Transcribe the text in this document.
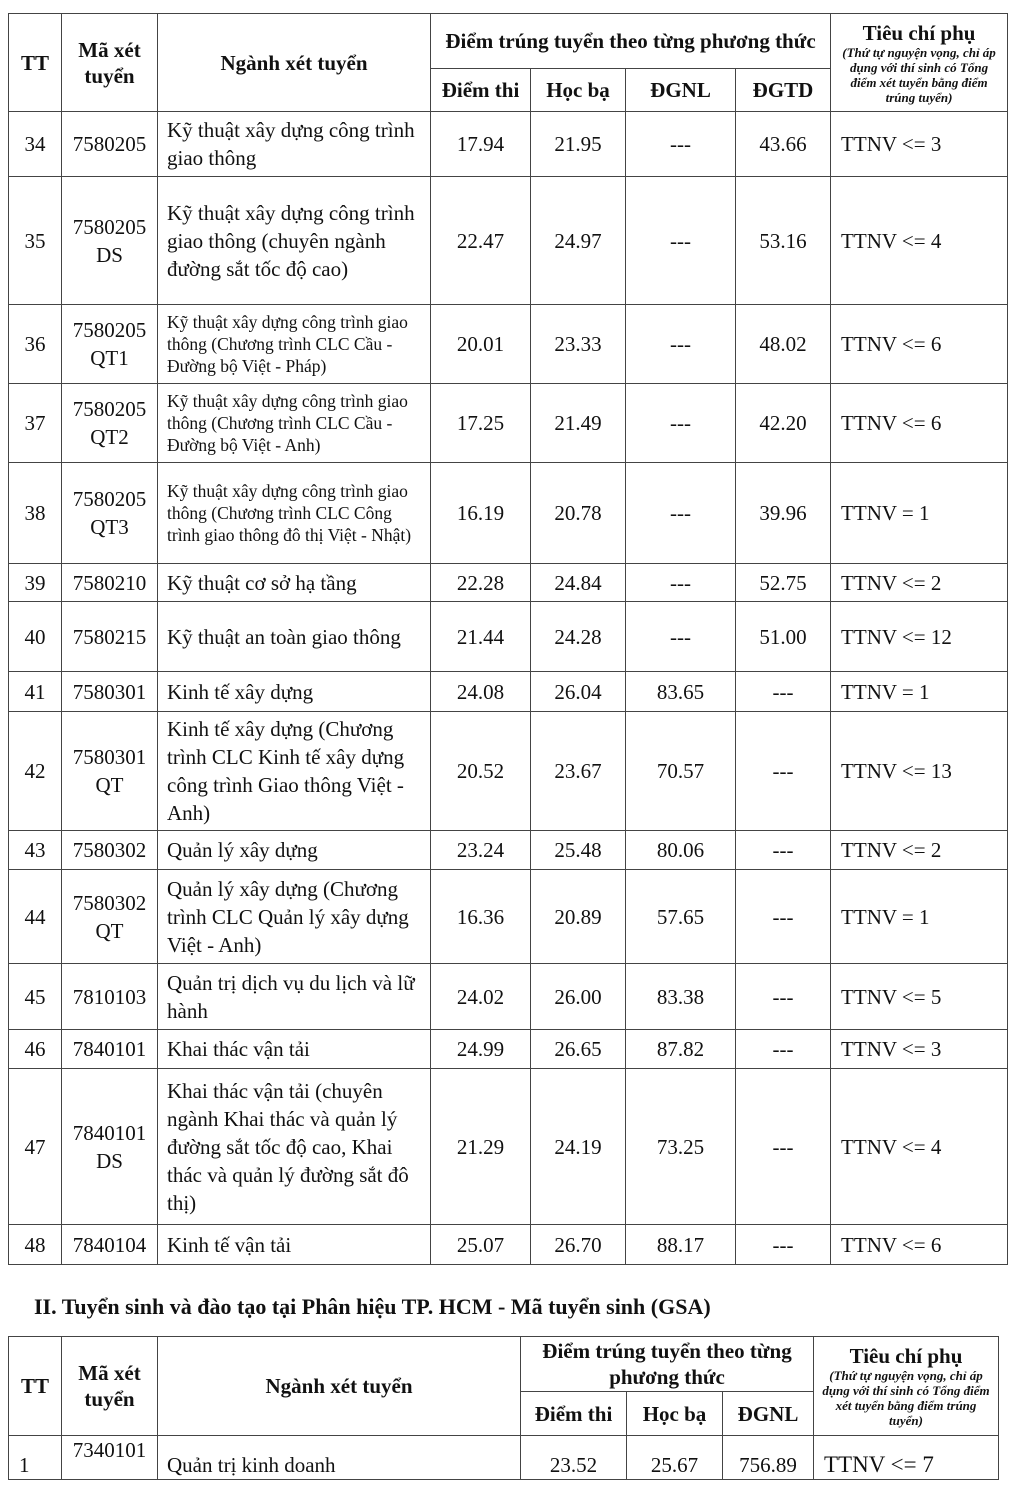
TT	Mã xét tuyển	Ngành xét tuyển	Điểm trúng tuyển theo từng phương thức				Tiêu chí phụ
(Thứ tự nguyện vọng, chỉ áp dụng với thí sinh có Tổng điểm xét tuyển bằng điểm trúng tuyển)

			Điểm thi	Học bạ	ĐGNL	ĐGTD	
34	7580205	Kỹ thuật xây dựng công trình giao thông	17.94	21.95	---	43.66	TTNV <= 3
35	7580205 DS	Kỹ thuật xây dựng công trình giao thông (chuyên ngành đường sắt tốc độ cao)	22.47	24.97	---	53.16	TTNV <= 4
36	7580205 QT1	Kỹ thuật xây dựng công trình giao thông (Chương trình CLC Cầu - Đường bộ Việt - Pháp)	20.01	23.33	---	48.02	TTNV <= 6
37	7580205 QT2	Kỹ thuật xây dựng công trình giao thông (Chương trình CLC Cầu - Đường bộ Việt - Anh)	17.25	21.49	---	42.20	TTNV <= 6
38	7580205 QT3	Kỹ thuật xây dựng công trình giao thông (Chương trình CLC Công trình giao thông đô thị Việt - Nhật)	16.19	20.78	---	39.96	TTNV = 1
39	7580210	Kỹ thuật cơ sở hạ tầng	22.28	24.84	---	52.75	TTNV <= 2
40	7580215	Kỹ thuật an toàn giao thông	21.44	24.28	---	51.00	TTNV <= 12
41	7580301	Kinh tế xây dựng	24.08	26.04	83.65	---	TTNV = 1
42	7580301 QT	Kinh tế xây dựng (Chương trình CLC Kinh tế xây dựng công trình Giao thông Việt - Anh)	20.52	23.67	70.57	---	TTNV <= 13
43	7580302	Quản lý xây dựng	23.24	25.48	80.06	---	TTNV <= 2
44	7580302 QT	Quản lý xây dựng (Chương trình CLC Quản lý xây dựng Việt - Anh)	16.36	20.89	57.65	---	TTNV = 1
45	7810103	Quản trị dịch vụ du lịch và lữ hành	24.02	26.00	83.38	---	TTNV <= 5
46	7840101	Khai thác vận tải	24.99	26.65	87.82	---	TTNV <= 3
47	7840101 DS	Khai thác vận tải (chuyên ngành Khai thác và quản lý đường sắt tốc độ cao, Khai thác và quản lý đường sắt đô thị)	21.29	24.19	73.25	---	TTNV <= 4
48	7840104	Kinh tế vận tải	25.07	26.70	88.17	---	TTNV <= 6
II. Tuyển sinh và đào tạo tại Phân hiệu TP. HCM - Mã tuyển sinh (GSA)
TT	Mã xét tuyển	Ngành xét tuyển	Điểm trúng tuyển theo từng phương thức			Tiêu chí phụ
(Thứ tự nguyện vọng, chỉ áp dụng với thí sinh có Tổng điểm xét tuyển bằng điểm trúng tuyển)

			Điểm thi	Học bạ	ĐGNL	
1	7340101	Quản trị kinh doanh	23.52	25.67	756.89	TTNV <= 7
